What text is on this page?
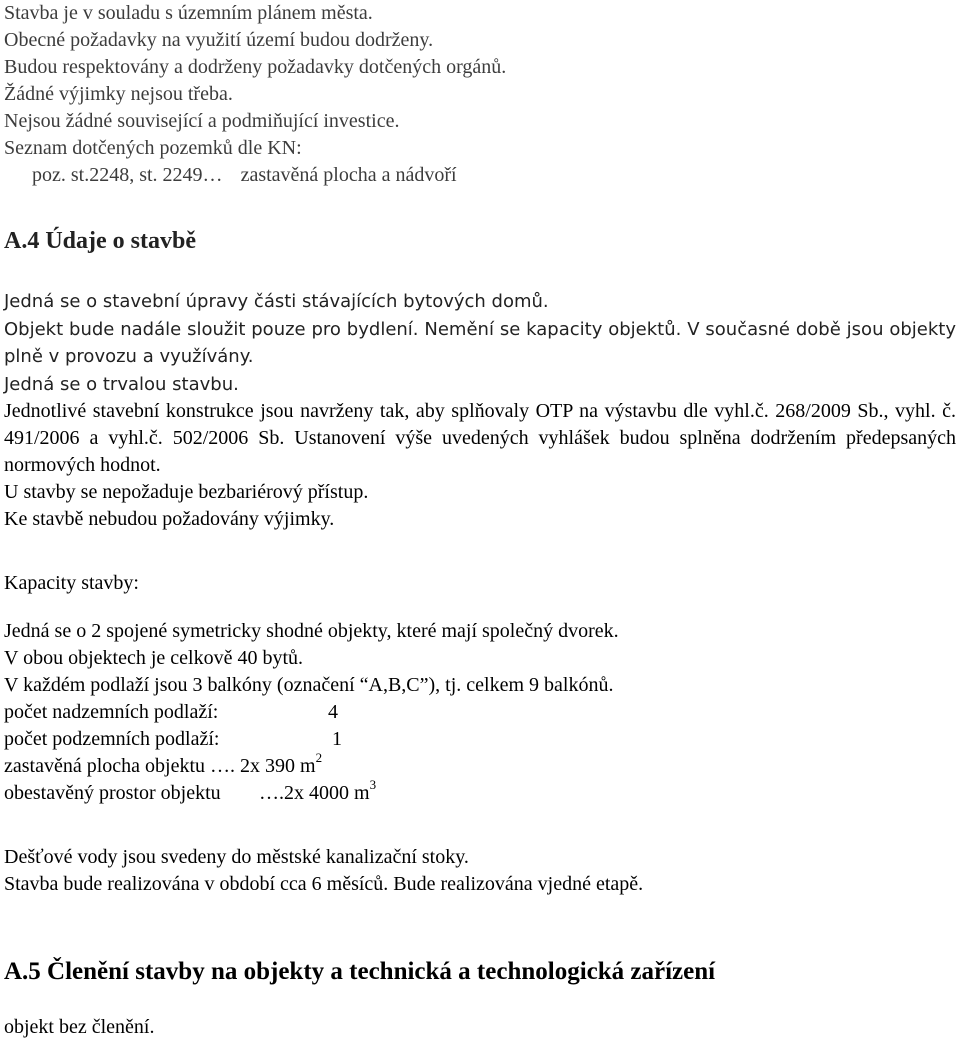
Stavba je v souladu s územním plánem města.
Obecné požadavky na využití území budou dodrženy.
Budou respektovány a dodrženy požadavky dotčených orgánů.
Žádné výjimky nejsou třeba.
Nejsou žádné související a podmiňující investice.
Seznam dotčených pozemků dle KN:
poz. st.2248, st. 2249… zastavěná plocha a nádvoří
A.4 Údaje o stavbě
Jedná se o stavební úpravy části stávajících bytových domů.
Objekt bude nadále sloužit pouze pro bydlení. Nemění se kapacity objektů. V současné době jsou objekty plně v provozu a využívány.
Jedná se o trvalou stavbu.
Jednotlivé stavební konstrukce jsou navrženy tak, aby splňovaly OTP na výstavbu dle vyhl.č. 268/2009 Sb., vyhl. č. 491/2006 a vyhl.č. 502/2006 Sb. Ustanovení výše uvedených vyhlášek budou splněna dodržením předepsaných normových hodnot.
U stavby se nepožaduje bezbariérový přístup.
Ke stavbě nebudou požadovány výjimky.
Kapacity stavby:
Jedná se o 2 spojené symetricky shodné objekty, které mají společný dvorek.
V obou objektech je celkově 40 bytů.
V každém podlaží jsou 3 balkóny (označení “A,B,C”), tj. celkem 9 balkónů.
počet nadzemních podlaží:	4
počet podzemních podlaží:	1
zastavěná plocha objektu …. 2x 390 $m^2$
obestavěný prostor objektu ….2x 4000 $m^3$
Dešťové vody jsou svedeny do městské kanalizační stoky.
Stavba bude realizována v období cca 6 měsíců. Bude realizována vjedné etapě.
A.5 Členění stavby na objekty a technická a technologická zařízení
objekt bez členění.
